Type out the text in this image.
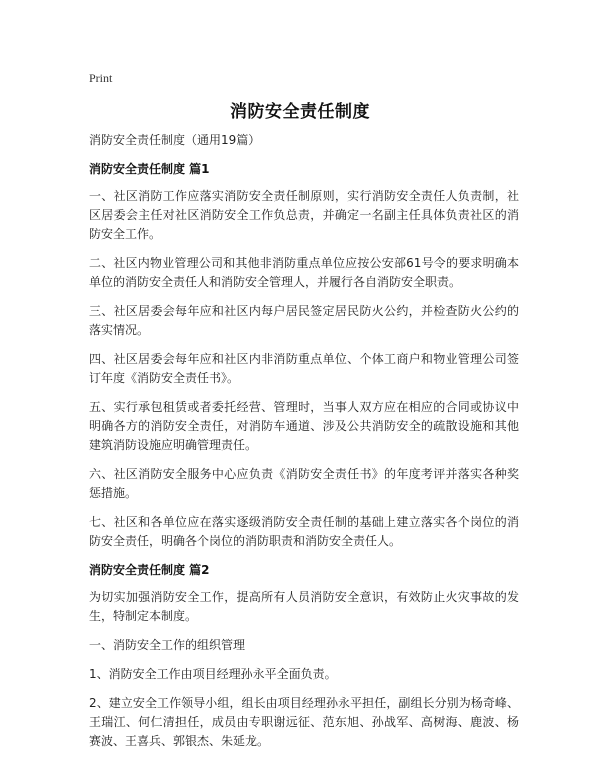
Print
消防安全责任制度

消防安全责任制度（通用19篇）

消防安全责任制度 篇1

一、社区消防工作应落实消防安全责任制原则，实行消防安全责任人负责制，社区居委会主任对社区消防安全工作负总责，并确定一名副主任具体负责社区的消防安全工作。

二、社区内物业管理公司和其他非消防重点单位应按公安部61号令的要求明确本单位的消防安全责任人和消防安全管理人，并履行各自消防安全职责。

三、社区居委会每年应和社区内每户居民签定居民防火公约，并检查防火公约的落实情况。

四、社区居委会每年应和社区内非消防重点单位、个体工商户和物业管理公司签订年度《消防安全责任书》。

五、实行承包租赁或者委托经营、管理时，当事人双方应在相应的合同或协议中明确各方的消防安全责任，对消防车通道、涉及公共消防安全的疏散设施和其他建筑消防设施应明确管理责任。

六、社区消防安全服务中心应负责《消防安全责任书》的年度考评并落实各种奖惩措施。

七、社区和各单位应在落实逐级消防安全责任制的基础上建立落实各个岗位的消防安全责任，明确各个岗位的消防职责和消防安全责任人。

消防安全责任制度 篇2

为切实加强消防安全工作，提高所有人员消防安全意识，有效防止火灾事故的发生，特制定本制度。

一、消防安全工作的组织管理

1、消防安全工作由项目经理孙永平全面负责。

2、建立安全工作领导小组，组长由项目经理孙永平担任，副组长分别为杨奇峰、王瑞江、何仁清担任，成员由专职谢远征、范东旭、孙战军、高树海、鹿波、杨赛波、王喜兵、郭银杰、朱延龙。
